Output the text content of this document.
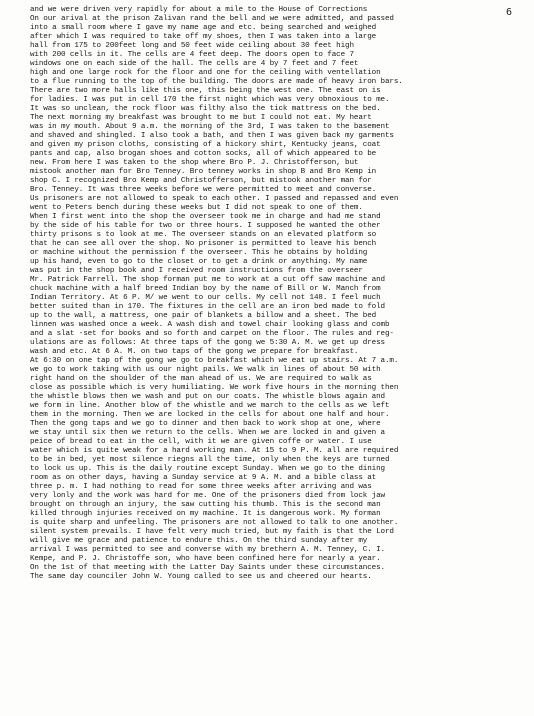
6
and we were driven very rapidly for about a mile to the House of Corrections
On our arival at the prison Zalivan rand the bell and we were admitted, and passed
into a small room where I gave my name age and etc. being searched and weighed
after which I was required to take off my shoes, then I was taken into a large
hall from 175 to 200feet long and 50 feet wide ceiling about 30 feet high
with 200 cells in it. The cells are 4 feet deep. The doors open to face 7
windows one on each side of the hall. The cells are 4 by 7 feet and 7 feet
high and one large rock for the floor and one for the ceiling with ventellation
to a flue running to the top of the building. The doors are made of heavy iron bars.
There are two more halls like this one, this being the west one. The east on is
for ladies. I was put in cell 170 the first night which was very obnoxious to me.
It was so unclean, the rock floor was filthy also the tick mattress on the bed.
The next morning my breakfast was brought to me but I could not eat. My heart
was in my mouth. About 9 a.m. the morning of the 3rd, I was taken to the basement
and shaved and shingled. I also took a bath, and then I was given back my garments
and given my prison cloths, consisting of a hickory shirt, Kentucky jeans, coat
pants and cap, also brogan shoes and cotton socks, all of which appeared to be
new. From here I was taken to the shop where Bro P. J. Christofferson, but
mistook another man for Bro Tenney. Bro tenney works in shop B and Bro Kemp in
shop C. I recognized Bro Kemp and Christofferson, but mistook another man for
Bro. Tenney. It was three weeks before we were permitted to meet and converse.
Us prisoners are not allowed to speak to each other. I passed and repassed and even
went to Peters bench during these weeks but I did not speak to one of them.
When I first went into the shop the overseer took me in charge and had me stand
by the side of his table for two or three hours. I supposed he wanted the other
thirty prisons s to look at me. The overseer stands on an elevated platform so
that he can see all over the shop. No prisoner is permitted to leave his bench
or machine without the permission f the overseer. This he obtains by holding
up his hand, even to go to the closet or to get a drink or anything. My name
was put in the shop book and I received room instructions from the overseer
Mr. Patrick Farrell. The shop forman put me to work at a cut off saw machine and
chuck machine with a half breed Indian boy by the name of Bill or W. Manch from
Indian Territory. At 6 P. M/ we went to our cells. My cell not 148. I feel much
better suited than in 170. The fixtures in the cell are an iron bed made to fold
up to the wall, a mattress, one pair of blankets a billow and a sheet. The bed
linnen was washed once a week. A wash dish and towel chair looking glass and comb
and a slat -set for books and so forth and carpet on the floor. The rules and reg-
ulations are as follows: At three taps of the gong we 5:30 A. M. we get up dress
wash and etc. At 6 A. M. on two taps of the gong we prepare for breakfast.
At 6:30 on one tap of the gong we go to breakfast which we eat up stairs. At 7 a.m.
we go to work taking with us our night pails. We walk in lines of about 50 with
right hand on the shoulder of the man ahead of us. We are required to walk as
close as possible which is very humiliating. We work five hours in the morning then
the whistle blows then we wash and put on our coats. The whistle blows again and
we form in line. Another blow of the whistle and we march to the cells as we left
them in the morning. Then we are locked in the cells for about one half and hour.
Then the gong taps and we go to dinner and then back to work shop at one, where
we stay until six then we return to the cells. When we are locked in and given a
peice of bread to eat in the cell, with it we are given coffe or water. I use
water which is quite weak for a hard working man. At 15 to 9 P. M. all are required
to be in bed, yet most silence riegns all the time, only when the keys are turned
to lock us up. This is the daily routine except Sunday. When we go to the dining
room as on other days, having a Sunday service at 9 A. M. and a bible class at
three p. m. I had nothing to read for some three weeks after arriving and was
very lonly and the work was hard for me. One of the prisoners died from lock jaw
brought on through an injury, the saw cutting his thumb. This is the second man
killed through injuries received on my machine. It is dangerous work. My forman
is quite sharp and unfeeling. The prisoners are not allowed to talk to one another.
silent system prevails. I have felt very much tried, but my faith is that the Lord
will give me grace and patience to endure this. On the third sunday after my
arrival I was permitted to see and converse with my brethern A. M. Tenney, C. I.
Kempe, and P. J. Christoffe son, who have been confined here for nearly a year.
On the 1st of that meeting with the Latter Day Saints under these circumstances.
The same day counciler John W. Young called to see us and cheered our hearts.
